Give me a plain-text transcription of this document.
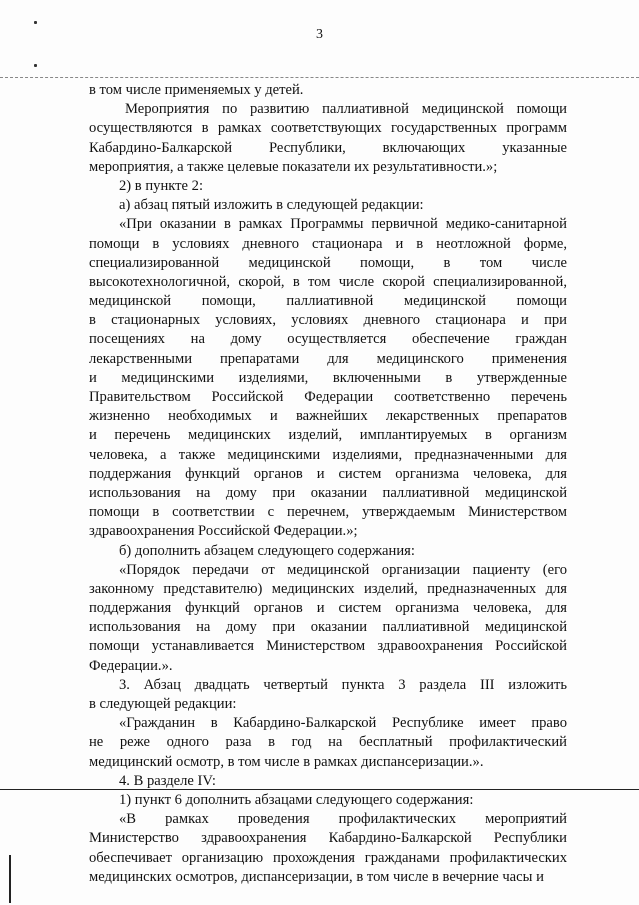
3
в том числе применяемых у детей.
Мероприятия по развитию паллиативной медицинской помощи
осуществляются в рамках соответствующих государственных программ
Кабардино-Балкарской Республики, включающих указанные
мероприятия, а также целевые показатели их результативности.»;
2) в пункте 2:
а) абзац пятый изложить в следующей редакции:
«При оказании в рамках Программы первичной медико-санитарной
помощи в условиях дневного стационара и в неотложной форме,
специализированной медицинской помощи, в том числе
высокотехнологичной, скорой, в том числе скорой специализированной,
медицинской помощи, паллиативной медицинской помощи
в стационарных условиях, условиях дневного стационара и при
посещениях на дому осуществляется обеспечение граждан
лекарственными препаратами для медицинского применения
и медицинскими изделиями, включенными в утвержденные
Правительством Российской Федерации соответственно перечень
жизненно необходимых и важнейших лекарственных препаратов
и перечень медицинских изделий, имплантируемых в организм
человека, а также медицинскими изделиями, предназначенными для
поддержания функций органов и систем организма человека, для
использования на дому при оказании паллиативной медицинской
помощи в соответствии с перечнем, утверждаемым Министерством
здравоохранения Российской Федерации.»;
б) дополнить абзацем следующего содержания:
«Порядок передачи от медицинской организации пациенту (его
законному представителю) медицинских изделий, предназначенных для
поддержания функций органов и систем организма человека, для
использования на дому при оказании паллиативной медицинской
помощи устанавливается Министерством здравоохранения Российской
Федерации.».
3. Абзац двадцать четвертый пункта 3 раздела III изложить
в следующей редакции:
«Гражданин в Кабардино-Балкарской Республике имеет право
не реже одного раза в год на бесплатный профилактический
медицинский осмотр, в том числе в рамках диспансеризации.».
4. В разделе IV:
1) пункт 6 дополнить абзацами следующего содержания:
«В рамках проведения профилактических мероприятий
Министерство здравоохранения Кабардино-Балкарской Республики
обеспечивает организацию прохождения гражданами профилактических
медицинских осмотров, диспансеризации, в том числе в вечерние часы и
